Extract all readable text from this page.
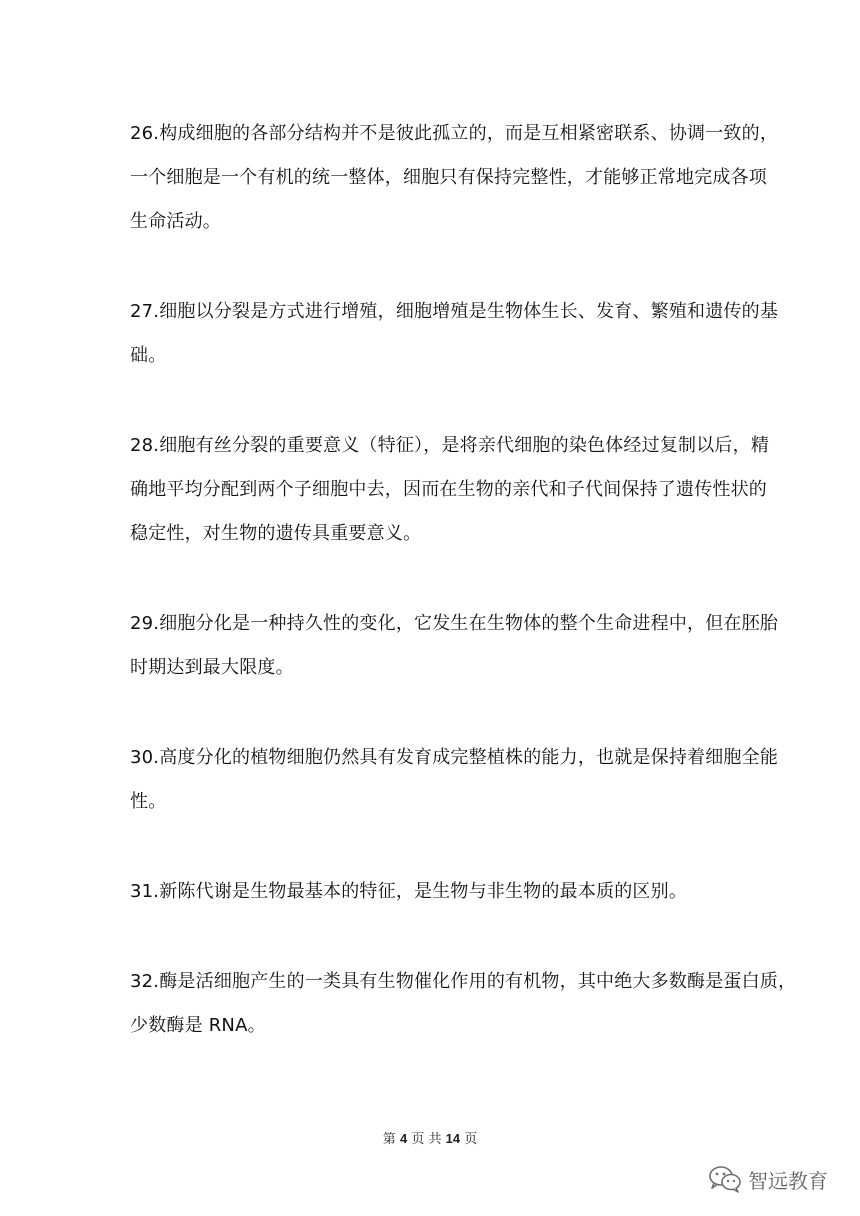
26.构成细胞的各部分结构并不是彼此孤立的，而是互相紧密联系、协调一致的，
一个细胞是一个有机的统一整体，细胞只有保持完整性，才能够正常地完成各项
生命活动。

27.细胞以分裂是方式进行增殖，细胞增殖是生物体生长、发育、繁殖和遗传的基
础。

28.细胞有丝分裂的重要意义（特征），是将亲代细胞的染色体经过复制以后，精
确地平均分配到两个子细胞中去，因而在生物的亲代和子代间保持了遗传性状的
稳定性，对生物的遗传具重要意义。

29.细胞分化是一种持久性的变化，它发生在生物体的整个生命进程中，但在胚胎
时期达到最大限度。

30.高度分化的植物细胞仍然具有发育成完整植株的能力，也就是保持着细胞全能
性。

31.新陈代谢是生物最基本的特征，是生物与非生物的最本质的区别。

32.酶是活细胞产生的一类具有生物催化作用的有机物，其中绝大多数酶是蛋白质，
少数酶是 RNA。

第 4 页 共 14 页
智远教育
